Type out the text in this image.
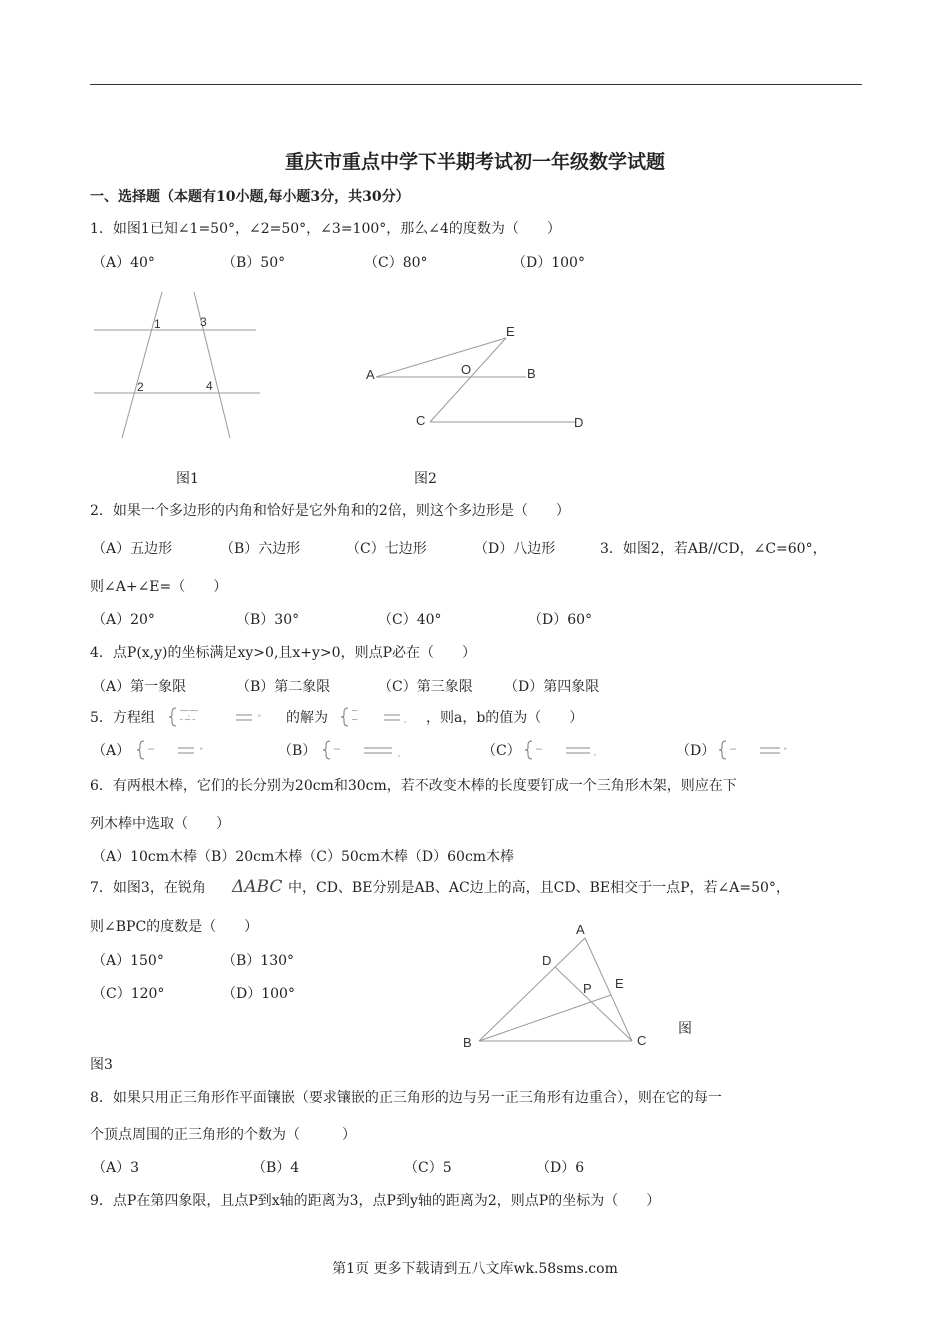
重庆市重点中学下半期考试初一年级数学试题
一、选择题（本题有10小题,每小题3分，共30分）
1．如图1已知∠1=50°，∠2=50°，∠3=100°，那么∠4的度数为（　　）
（A）40°	（B）50°	（C）80°	（D）100°
1	3
2	4
图1
E
A	O	B
C	D
图2
2．如果一个多边形的内角和恰好是它外角和的2倍，则这个多边形是（　　）
（A）五边形	（B）六边形	（C）七边形	（D）八边形	3．如图2，若AB//CD，∠C=60°，
则∠A+∠E=（　　）
（A）20°	（B）30°	（C）40°	（D）60°
4．点P(x,y)的坐标满足xy>0,且x+y>0，则点P必在（　　）
（A）第一象限	（B）第二象限	（C）第三象限 （D）第四象限
5．方程组	˜˜˜‚˜˜˜
˜ ˜˜ ˜	˚ 的解为	˜˜
˜˜	‚ ，则a，b的值为（　　）
（A） ˜˜	˚	（B） ˜˜	˛	（C） ˜˜	‚	（D） ˜˜	˚
6．有两根木棒，它们的长分别为20cm和30cm，若不改变木棒的长度要钉成一个三角形木架，则应在下
列木棒中选取（　　）
（A）10cm木棒（B）20cm木棒（C）50cm木棒（D）60cm木棒
7．如图3，在锐角 ΔABC 中，CD、BE分别是AB、AC边上的高，且CD、BE相交于一点P，若∠A=50°，
则∠BPC的度数是（　　）
（A）150°	（B）130°
（C）120°	（D）100°
A
D
E
P
B	C
图
图3
8．如果只用正三角形作平面镶嵌（要求镶嵌的正三角形的边与另一正三角形有边重合），则在它的每一
个顶点周围的正三角形的个数为（　　　）
（A）3	（B）4	（C）5	（D）6
9．点P在第四象限，且点P到x轴的距离为3，点P到y轴的距离为2，则点P的坐标为（　　）
第1页 更多下载请到五八文库wk.58sms.com
